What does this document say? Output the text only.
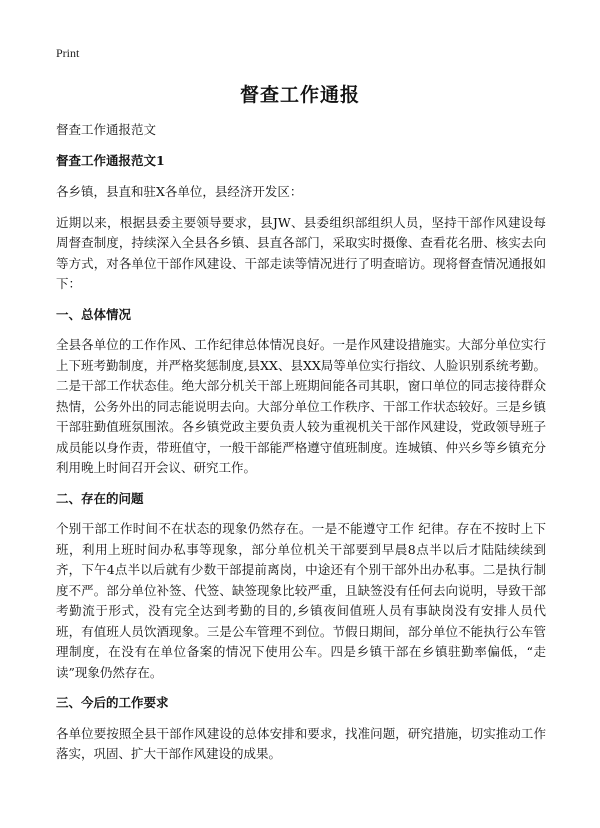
Print
督查工作通报

督查工作通报范文

督查工作通报范文1

各乡镇，县直和驻X各单位，县经济开发区：

近期以来，根据县委主要领导要求，县JW、县委组织部组织人员，坚持干部作风建设每周督查制度，持续深入全县各乡镇、县直各部门，采取实时摄像、查看花名册、核实去向等方式，对各单位干部作风建设、干部走读等情况进行了明查暗访。现将督查情况通报如下：

一、总体情况

全县各单位的工作作风、工作纪律总体情况良好。一是作风建设措施实。大部分单位实行上下班考勤制度，并严格奖惩制度,县XX、县XX局等单位实行指纹、人脸识别系统考勤。二是干部工作状态佳。绝大部分机关干部上班期间能各司其职，窗口单位的同志接待群众热情，公务外出的同志能说明去向。大部分单位工作秩序、干部工作状态较好。三是乡镇干部驻勤值班氛围浓。各乡镇党政主要负责人较为重视机关干部作风建设，党政领导班子成员能以身作责，带班值守，一般干部能严格遵守值班制度。连城镇、仲兴乡等乡镇充分利用晚上时间召开会议、研究工作。

二、存在的问题

个别干部工作时间不在状态的现象仍然存在。一是不能遵守工作 纪律。存在不按时上下班，利用上班时间办私事等现象，部分单位机关干部要到早晨8点半以后才陆陆续续到齐，下午4点半以后就有少数干部提前离岗，中途还有个别干部外出办私事。二是执行制度不严。部分单位补签、代签、缺签现象比较严重，且缺签没有任何去向说明，导致干部考勤流于形式，没有完全达到考勤的目的,乡镇夜间值班人员有事缺岗没有安排人员代班，有值班人员饮酒现象。三是公车管理不到位。节假日期间，部分单位不能执行公车管理制度，在没有在单位备案的情况下使用公车。四是乡镇干部在乡镇驻勤率偏低，“走读”现象仍然存在。

三、今后的工作要求

各单位要按照全县干部作风建设的总体安排和要求，找准问题，研究措施，切实推动工作落实，巩固、扩大干部作风建设的成果。
